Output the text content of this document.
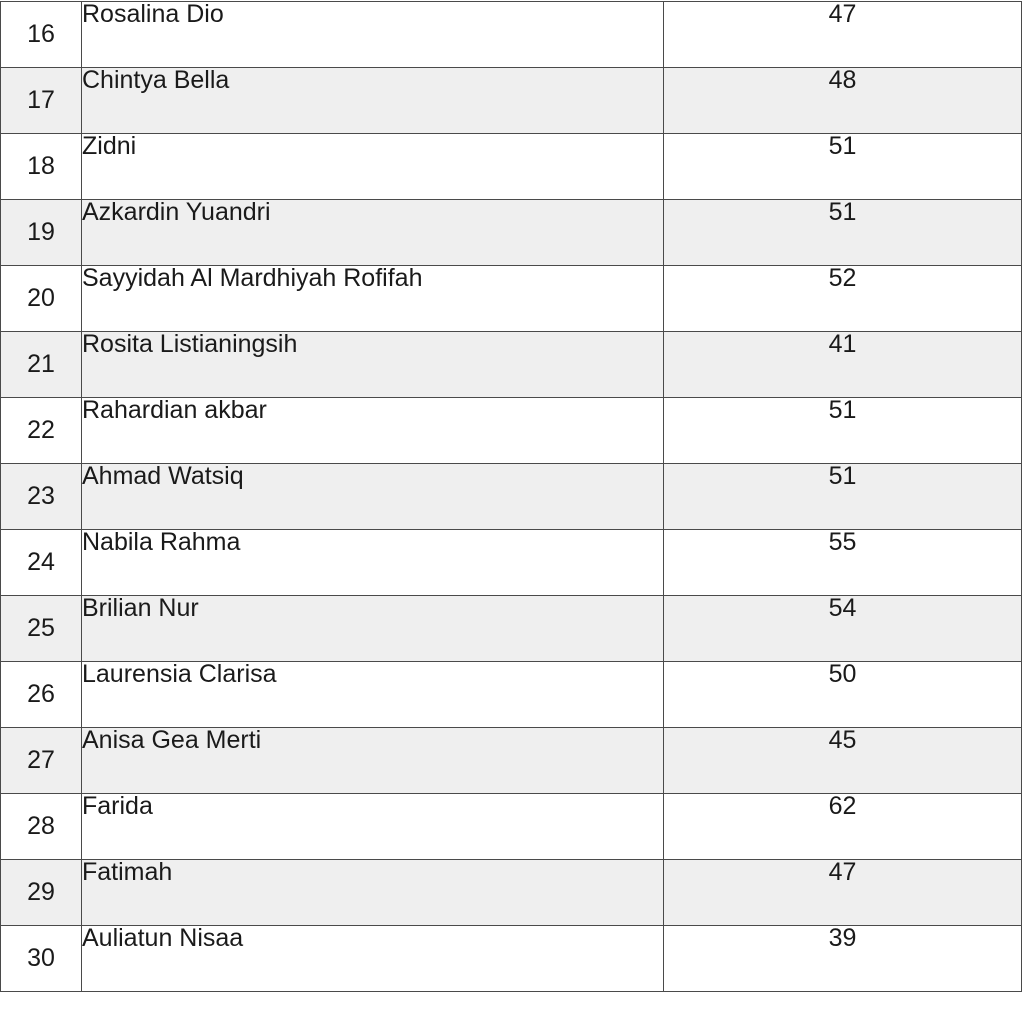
16	Rosalina Dio	47
17	Chintya Bella	48
18	Zidni	51
19	Azkardin Yuandri	51
20	Sayyidah Al Mardhiyah Rofifah	52
21	Rosita Listianingsih	41
22	Rahardian akbar	51
23	Ahmad Watsiq	51
24	Nabila Rahma	55
25	Brilian Nur	54
26	Laurensia Clarisa	50
27	Anisa Gea Merti	45
28	Farida	62
29	Fatimah	47
30	Auliatun Nisaa	39
